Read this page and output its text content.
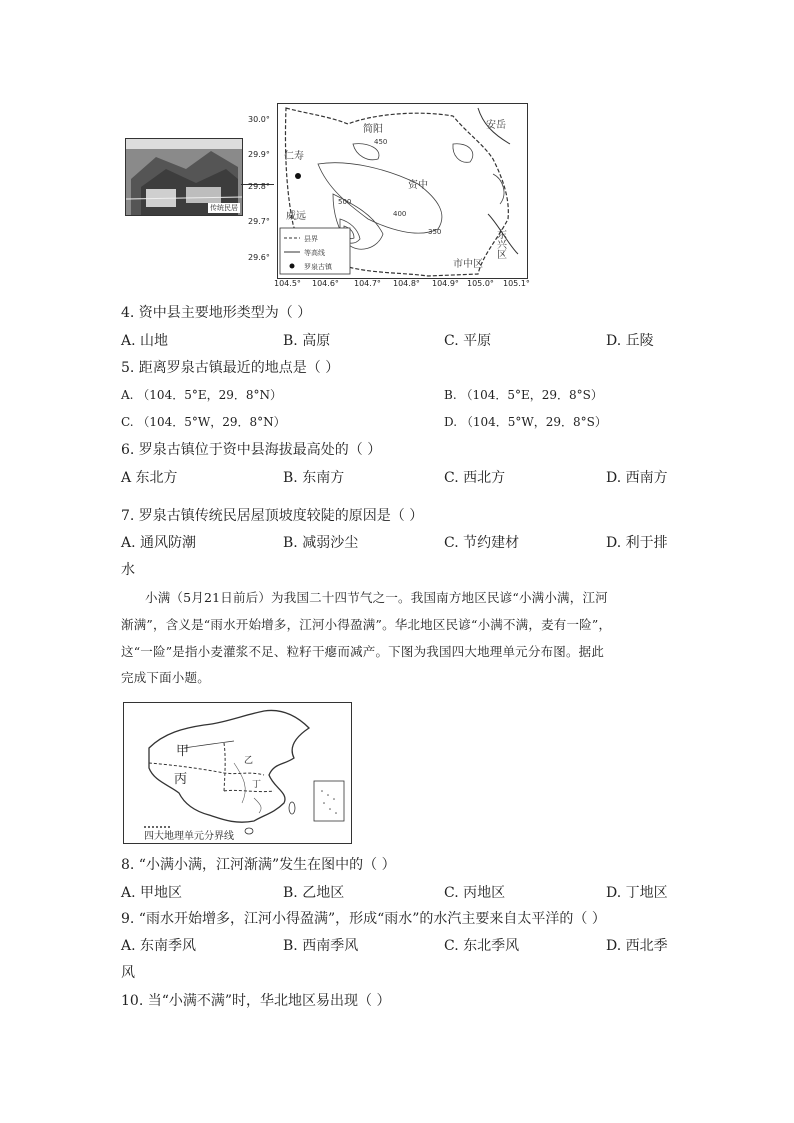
传统民居
30.0°
29.9°
29.8°
29.7°
29.6°
简阳	安岳
仁寿
资中
威远
东兴区
市中区
450
500
400
350
县界
等高线
罗泉古镇
104.5° 104.6° 104.7° 104.8° 104.9° 105.0° 105.1°
4. 资中县主要地形类型为（ ）
A. 山地	B. 高原	C. 平原	D. 丘陵
5. 距离罗泉古镇最近的地点是（ ）
A. （104．5°E，29．8°N）	B. （104．5°E，29．8°S）
C. （104．5°W，29．8°N）	D. （104．5°W，29．8°S）
6. 罗泉古镇位于资中县海拔最高处的（ ）
A 东北方	B. 东南方	C. 西北方	D. 西南方
7. 罗泉古镇传统民居屋顶坡度较陡的原因是（ ）
A. 通风防潮	B. 减弱沙尘	C. 节约建材	D. 利于排
水
小满（5月21日前后）为我国二十四节气之一。我国南方地区民谚“小满小满，江河
渐满”，含义是“雨水开始增多，江河小得盈满”。华北地区民谚“小满不满，麦有一险”，
这“一险”是指小麦灌浆不足、粒籽干瘪而减产。下图为我国四大地理单元分布图。据此
完成下面小题。
甲
丙
乙
丁
四大地理单元分界线
8. “小满小满，江河渐满”发生在图中的（ ）
A. 甲地区	B. 乙地区	C. 丙地区	D. 丁地区
9. “雨水开始增多，江河小得盈满”，形成“雨水”的水汽主要来自太平洋的（ ）
A. 东南季风	B. 西南季风	C. 东北季风	D. 西北季
风
10. 当“小满不满”时，华北地区易出现（ ）
